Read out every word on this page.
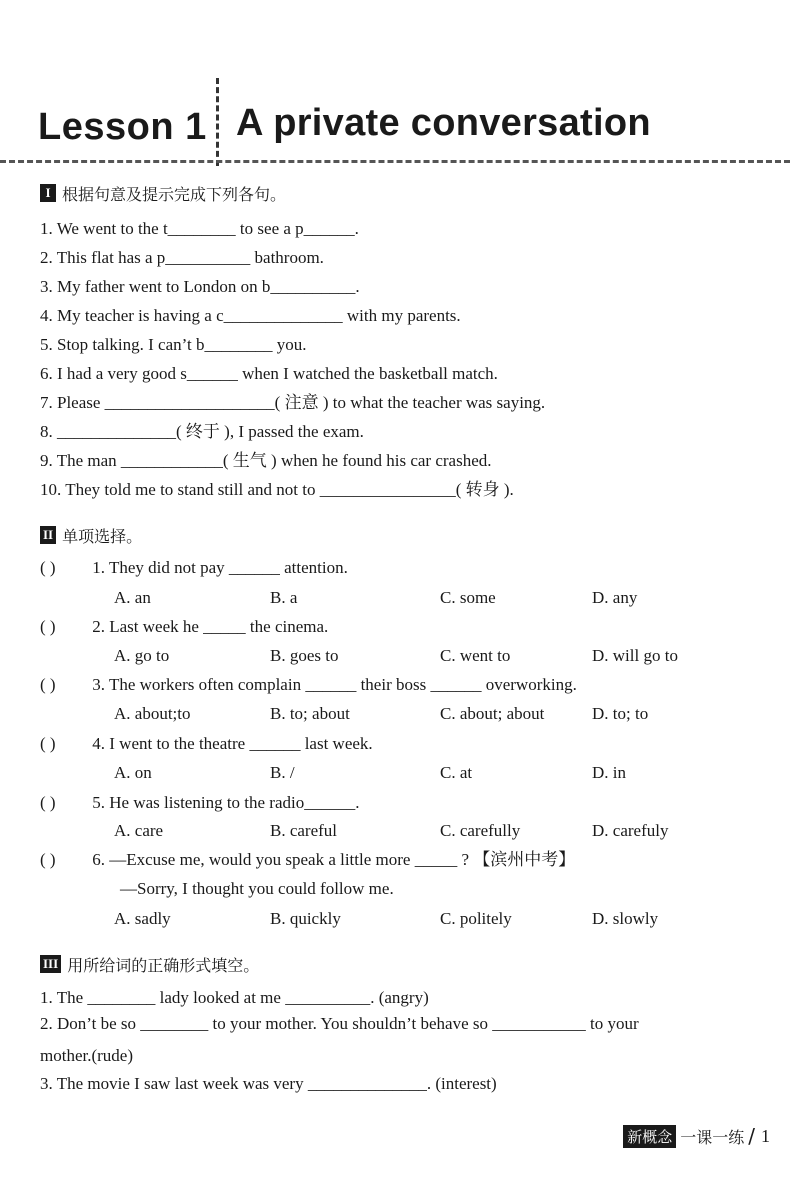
Lesson 1 A private conversation
I 根据句意及提示完成下列各句。
1. We went to the t________ to see a p______.
2. This flat has a p__________ bathroom.
3. My father went to London on b__________.
4. My teacher is having a c______________ with my parents.
5. Stop talking. I can’t b________ you.
6. I had a very good s______ when I watched the basketball match.
7. Please ____________________( 注意 ) to what the teacher was saying.
8. ______________( 终于 ), I passed the exam.
9. The man ____________( 生气 ) when he found his car crashed.
10. They told me to stand still and not to ________________( 转身 ).
II 单项选择。
( ) 1. They did not pay ______ attention.
A. an	B. a	C. some	D. any
( ) 2. Last week he _____ the cinema.
A. go to	B. goes to	C. went to	D. will go to
( ) 3. The workers often complain ______ their boss ______ overworking.
A. about;to	B. to; about	C. about; about	D. to; to
( ) 4. I went to the theatre ______ last week.
A. on	B. /	C. at	D. in
( ) 5. He was listening to the radio______.
A. care	B. careful	C. carefully	D. carefuly
( ) 6. —Excuse me, would you speak a little more _____ ? 【滨州中考】
—Sorry, I thought you could follow me.
A. sadly	B. quickly	C. politely	D. slowly
III 用所给词的正确形式填空。
1. The ________ lady looked at me __________. (angry)
2. Don’t be so ________ to your mother. You shouldn’t behave so ___________ to your
mother.(rude)
3. The movie I saw last week was very ______________. (interest)
新概念 一课一练 / 1
